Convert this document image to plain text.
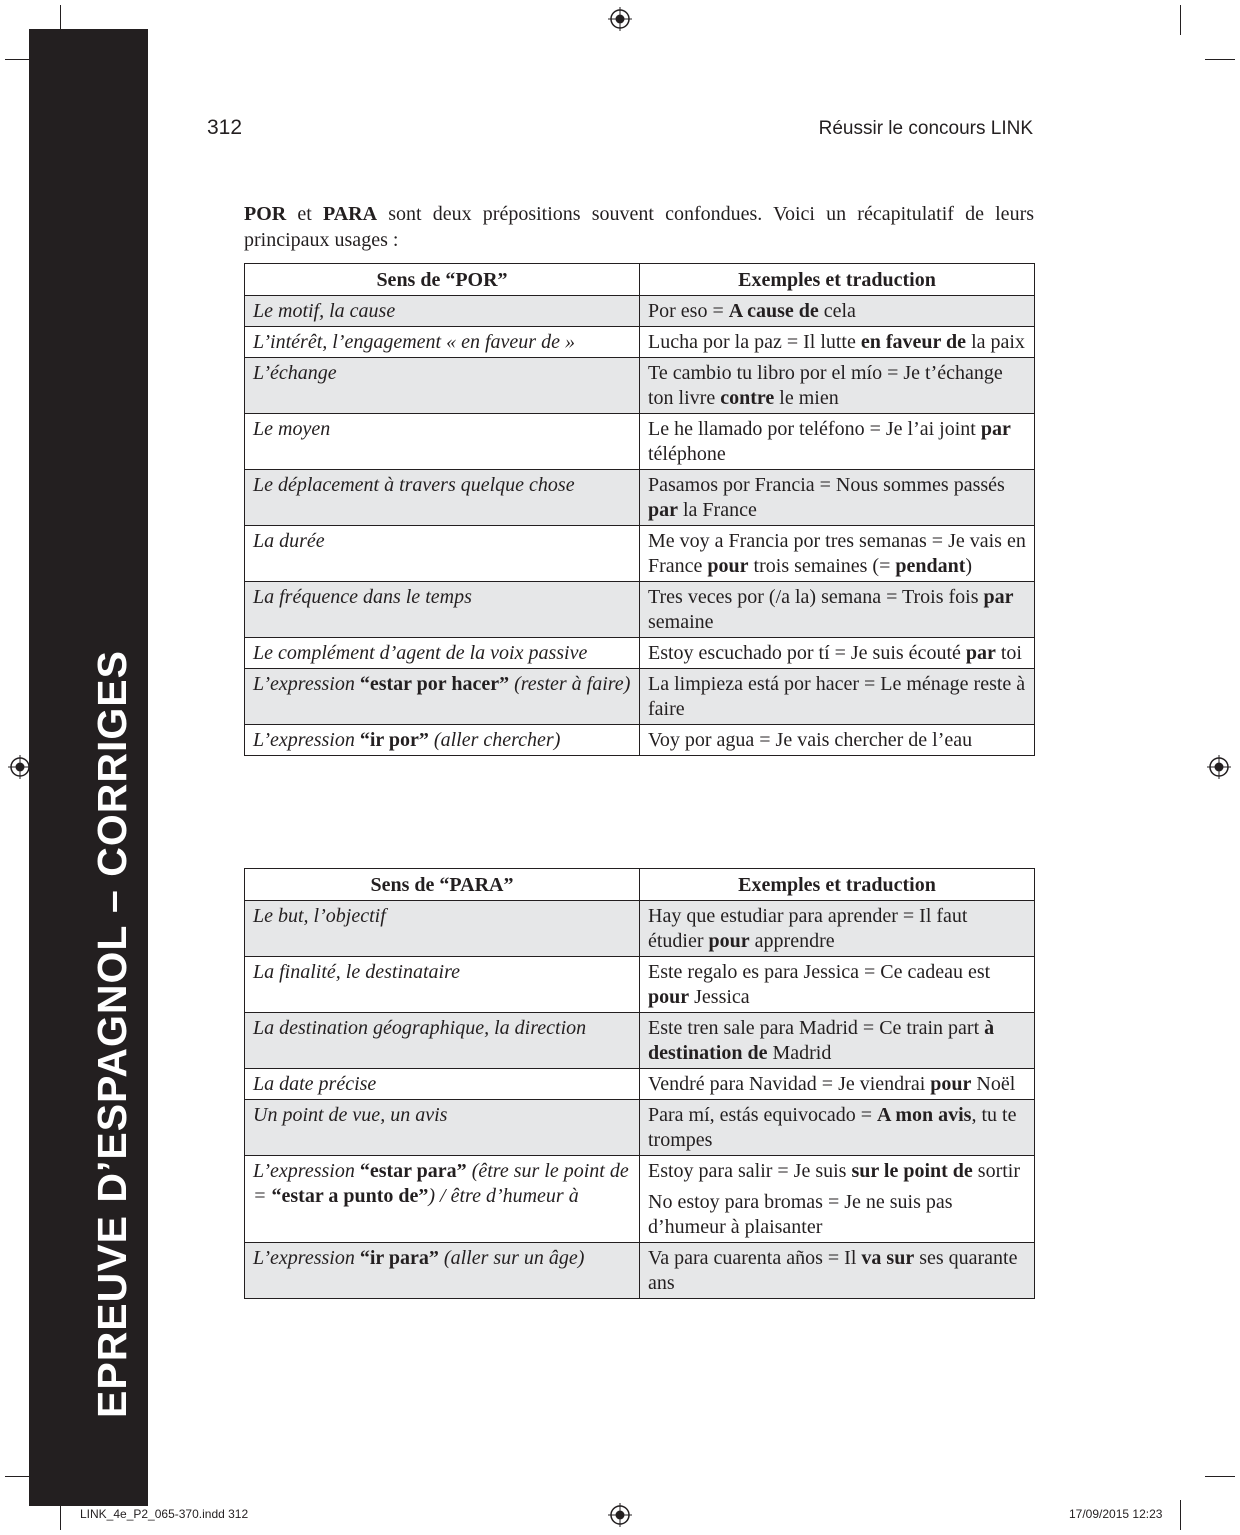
EPREUVE D’ESPAGNOL – CORRIGES
312	Réussir le concours LINK
POR et PARA sont deux prépositions souvent confondues. Voici un récapitulatif de leurs principaux usages :
Sens de “POR”	Exemples et traduction
Le motif, la cause	Por eso = A cause de cela

L’intérêt, l’engagement « en faveur de »	Lucha por la paz = Il lutte en faveur de la paix

L’échange	Te cambio tu libro por el mío = Je t’échange ton livre contre le mien

Le moyen	Le he llamado por teléfono = Je l’ai joint par téléphone

Le déplacement à travers quelque chose	Pasamos por Francia = Nous sommes passés par la France

La durée	Me voy a Francia por tres semanas = Je vais en France pour trois semaines (= pendant)

La fréquence dans le temps	Tres veces por (/a la) semana = Trois fois par semaine

Le complément d’agent de la voix passive	Estoy escuchado por tí = Je suis écouté par toi

L’expression “estar por hacer” (rester à faire)	La limpieza está por hacer = Le ménage reste à faire

L’expression “ir por” (aller chercher)	Voy por agua = Je vais chercher de l’eau

Sens de “PARA”	Exemples et traduction
Le but, l’objectif	Hay que estudiar para aprender = Il faut étudier pour apprendre

La finalité, le destinataire	Este regalo es para Jessica = Ce cadeau est pour Jessica

La destination géographique, la direction	Este tren sale para Madrid = Ce train part à destination de Madrid

La date précise	Vendré para Navidad = Je viendrai pour Noël

Un point de vue, un avis	Para mí, estás equivocado = A mon avis, tu te trompes

L’expression “estar para” (être sur le point de = “estar a punto de”) / être d’humeur à	Estoy para salir = Je suis sur le point de sortir

No estoy para bromas = Je ne suis pas d’humeur à plaisanter

L’expression “ir para” (aller sur un âge)	Va para cuarenta años = Il va sur ses quarante ans

LINK_4e_P2_065-370.indd 312	17/09/2015 12:23
